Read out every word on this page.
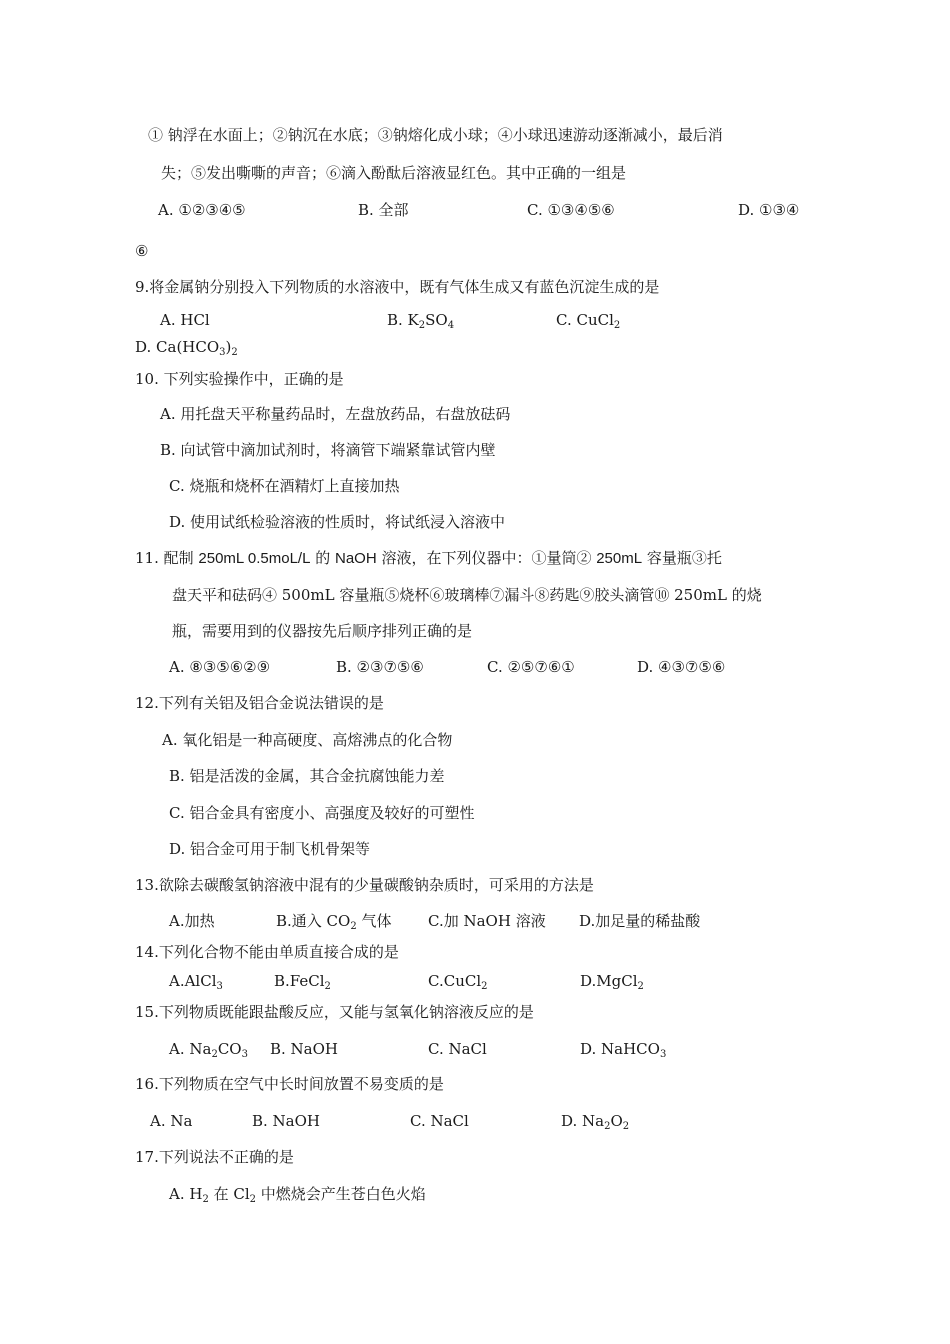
① 钠浮在水面上；②钠沉在水底；③钠熔化成小球；④小球迅速游动逐渐减小，最后消
失；⑤发出嘶嘶的声音；⑥滴入酚酞后溶液显红色。其中正确的一组是
A. ①②③④⑤	B. 全部	C. ①③④⑤⑥	D. ①③④
⑥
9.将金属钠分别投入下列物质的水溶液中，既有气体生成又有蓝色沉淀生成的是
A. HCl	B. $K_2SO_4$	C. CuCl$_2$
D. $Ca(HCO_3)_2$
10. 下列实验操作中，正确的是
A. 用托盘天平称量药品时，左盘放药品，右盘放砝码
B. 向试管中滴加试剂时，将滴管下端紧靠试管内壁
C. 烧瓶和烧杯在酒精灯上直接加热
D. 使用试纸检验溶液的性质时，将试纸浸入溶液中
11. 配制 250mL 0.5moL/L 的 NaOH 溶液，在下列仪器中：①量筒② 250mL 容量瓶③托
盘天平和砝码④ 500mL 容量瓶⑤烧杯⑥玻璃棒⑦漏斗⑧药匙⑨胶头滴管⑩ 250mL 的烧
瓶，需要用到的仪器按先后顺序排列正确的是
A. ⑧③⑤⑥②⑨	B. ②③⑦⑤⑥	C. ②⑤⑦⑥①	D. ④③⑦⑤⑥
12.下列有关铝及铝合金说法错误的是
A. 氧化铝是一种高硬度、高熔沸点的化合物
B. 铝是活泼的金属，其合金抗腐蚀能力差
C. 铝合金具有密度小、高强度及较好的可塑性
D. 铝合金可用于制飞机骨架等
13.欲除去碳酸氢钠溶液中混有的少量碳酸钠杂质时，可采用的方法是
A.加热	B.通入 $CO_2$ 气体 C.加 NaOH 溶液 D.加足量的稀盐酸
14.下列化合物不能由单质直接合成的是
A.AlCl$_3$	B.FeCl$_2$	C.CuCl$_2$	D.MgCl$_2$
15.下列物质既能跟盐酸反应，又能与氢氧化钠溶液反应的是
A. $Na_2CO_3$ B. NaOH	C. NaCl	D. NaHCO$_3$
16.下列物质在空气中长时间放置不易变质的是
A. Na	B. NaOH	C. NaCl	D. $Na_2O_2$
17.下列说法不正确的是
A. $H_2$ 在 $Cl_2$ 中燃烧会产生苍白色火焰
